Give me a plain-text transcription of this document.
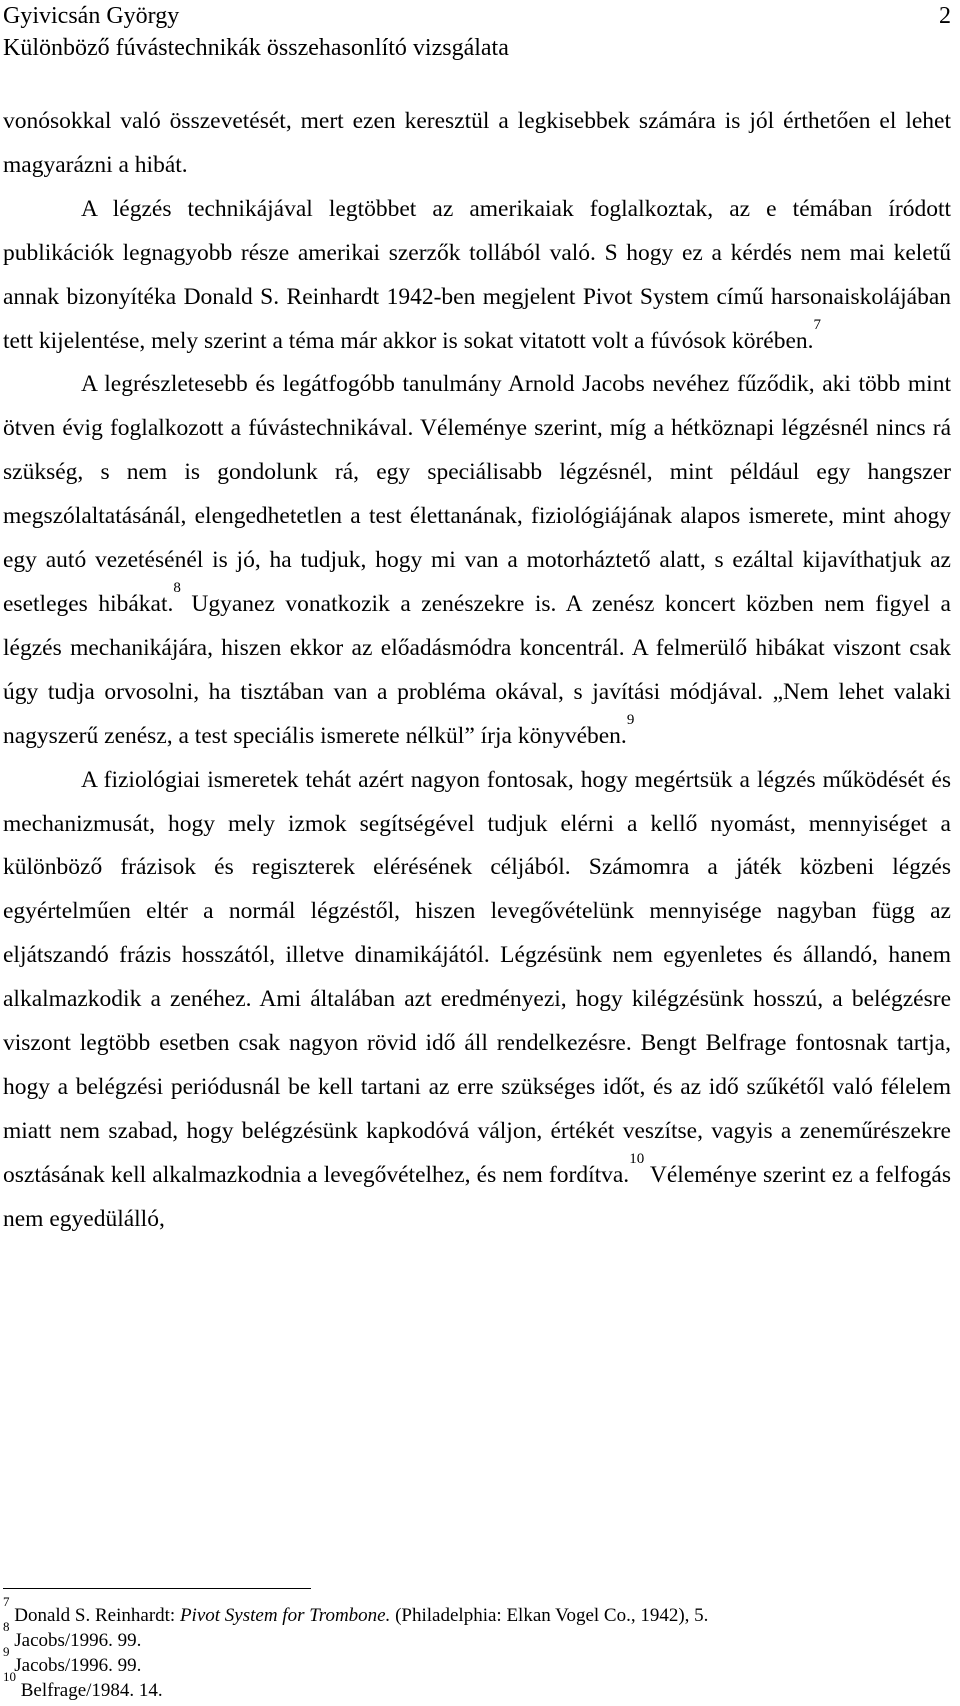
Gyivicsán György	2
Különböző fúvástechnikák összehasonlító vizsgálata

vonósokkal való összevetését, mert ezen keresztül a legkisebbek számára is jól érthetően el lehet magyarázni a hibát.

A légzés technikájával legtöbbet az amerikaiak foglalkoztak, az e témában íródott publikációk legnagyobb része amerikai szerzők tollából való. S hogy ez a kérdés nem mai keletű annak bizonyítéka Donald S. Reinhardt 1942-ben megjelent Pivot System című harsonaiskolájában tett kijelentése, mely szerint a téma már akkor is sokat vitatott volt a fúvósok körében.$^7$

A legrészletesebb és legátfogóbb tanulmány Arnold Jacobs nevéhez fűződik, aki több mint ötven évig foglalkozott a fúvástechnikával. Véleménye szerint, míg a hétköznapi légzésnél nincs rá szükség, s nem is gondolunk rá, egy speciálisabb légzésnél, mint például egy hangszer megszólaltatásánál, elengedhetetlen a test élettanának, fiziológiájának alapos ismerete, mint ahogy egy autó vezetésénél is jó, ha tudjuk, hogy mi van a motorháztető alatt, s ezáltal kijavíthatjuk az esetleges hibákat.$^8$ Ugyanez vonatkozik a zenészekre is. A zenész koncert közben nem figyel a légzés mechanikájára, hiszen ekkor az előadásmódra koncentrál. A felmerülő hibákat viszont csak úgy tudja orvosolni, ha tisztában van a probléma okával, s javítási módjával. „Nem lehet valaki nagyszerű zenész, a test speciális ismerete nélkül” írja könyvében.$^9$

A fiziológiai ismeretek tehát azért nagyon fontosak, hogy megértsük a légzés működését és mechanizmusát, hogy mely izmok segítségével tudjuk elérni a kellő nyomást, mennyiséget a különböző frázisok és regiszterek elérésének céljából. Számomra a játék közbeni légzés egyértelműen eltér a normál légzéstől, hiszen levegővételünk mennyisége nagyban függ az eljátszandó frázis hosszától, illetve dinamikájától. Légzésünk nem egyenletes és állandó, hanem alkalmazkodik a zenéhez. Ami általában azt eredményezi, hogy kilégzésünk hosszú, a belégzésre viszont legtöbb esetben csak nagyon rövid idő áll rendelkezésre. Bengt Belfrage fontosnak tartja, hogy a belégzési periódusnál be kell tartani az erre szükséges időt, és az idő szűkétől való félelem miatt nem szabad, hogy belégzésünk kapkodóvá váljon, értékét veszítse, vagyis a zeneműrészekre osztásának kell alkalmazkodnia a levegővételhez, és nem fordítva.$^{10}$ Véleménye szerint ez a felfogás nem egyedülálló,

$^7$ Donald S. Reinhardt: Pivot System for Trombone. (Philadelphia: Elkan Vogel Co., 1942), 5.
$^8$ Jacobs/1996. 99.
$^9$ Jacobs/1996. 99.
$^{10}$ Belfrage/1984. 14.
